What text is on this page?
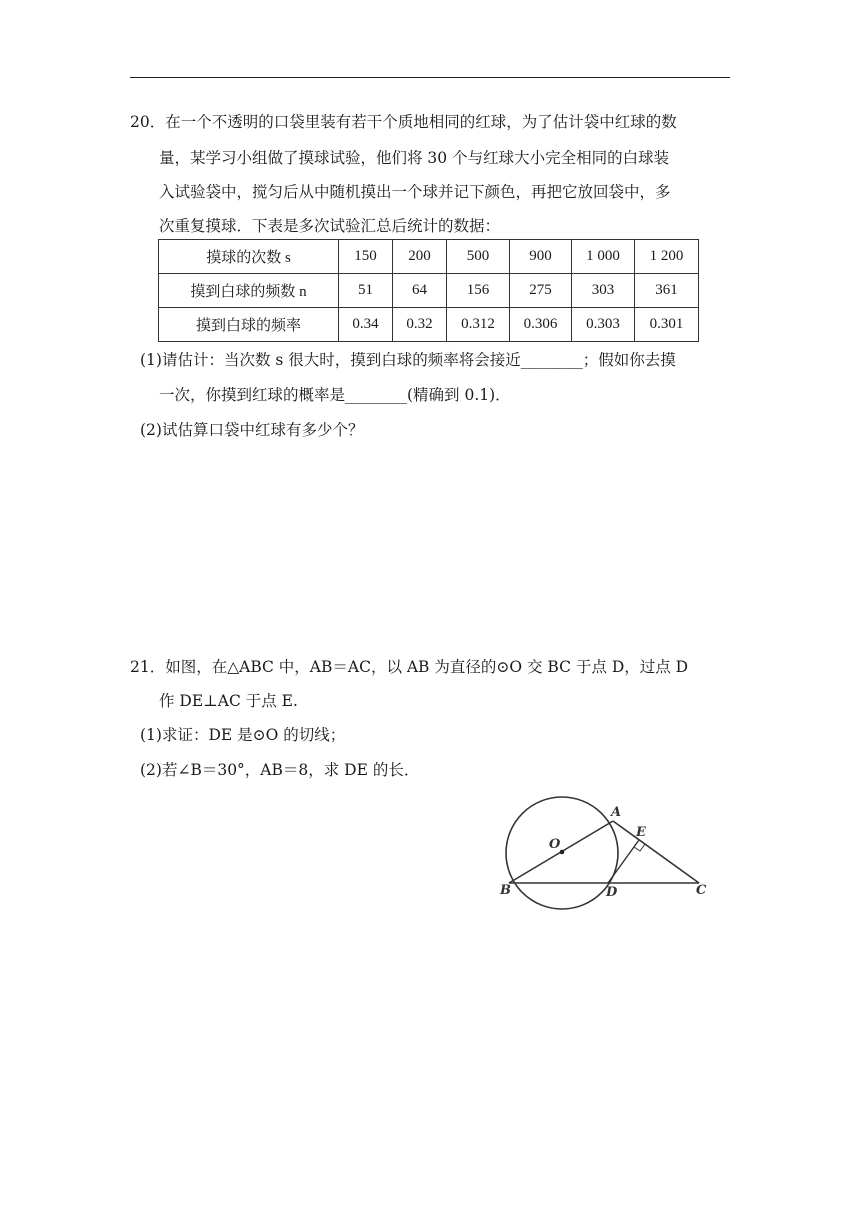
20．在一个不透明的口袋里装有若干个质地相同的红球，为了估计袋中红球的数
量，某学习小组做了摸球试验，他们将 30 个与红球大小完全相同的白球装
入试验袋中，搅匀后从中随机摸出一个球并记下颜色，再把它放回袋中，多
次重复摸球．下表是多次试验汇总后统计的数据：
摸球的次数 s	150	200	500	900	1 000	1 200
摸到白球的频数 n	51	64	156	275	303	361
摸到白球的频率	0.34	0.32	0.312	0.306	0.303	0.301
(1)请估计：当次数 s 很大时，摸到白球的频率将会接近________；假如你去摸
一次，你摸到红球的概率是________(精确到 0.1)．
(2)试估算口袋中红球有多少个？
21．如图，在△ABC 中，AB＝AC，以 AB 为直径的⊙O 交 BC 于点 D，过点 D
作 DE⊥AC 于点 E.
(1)求证：DE 是⊙O 的切线；
(2)若∠B＝30°，AB＝8，求 DE 的长．
A
B	C
D
E
O
